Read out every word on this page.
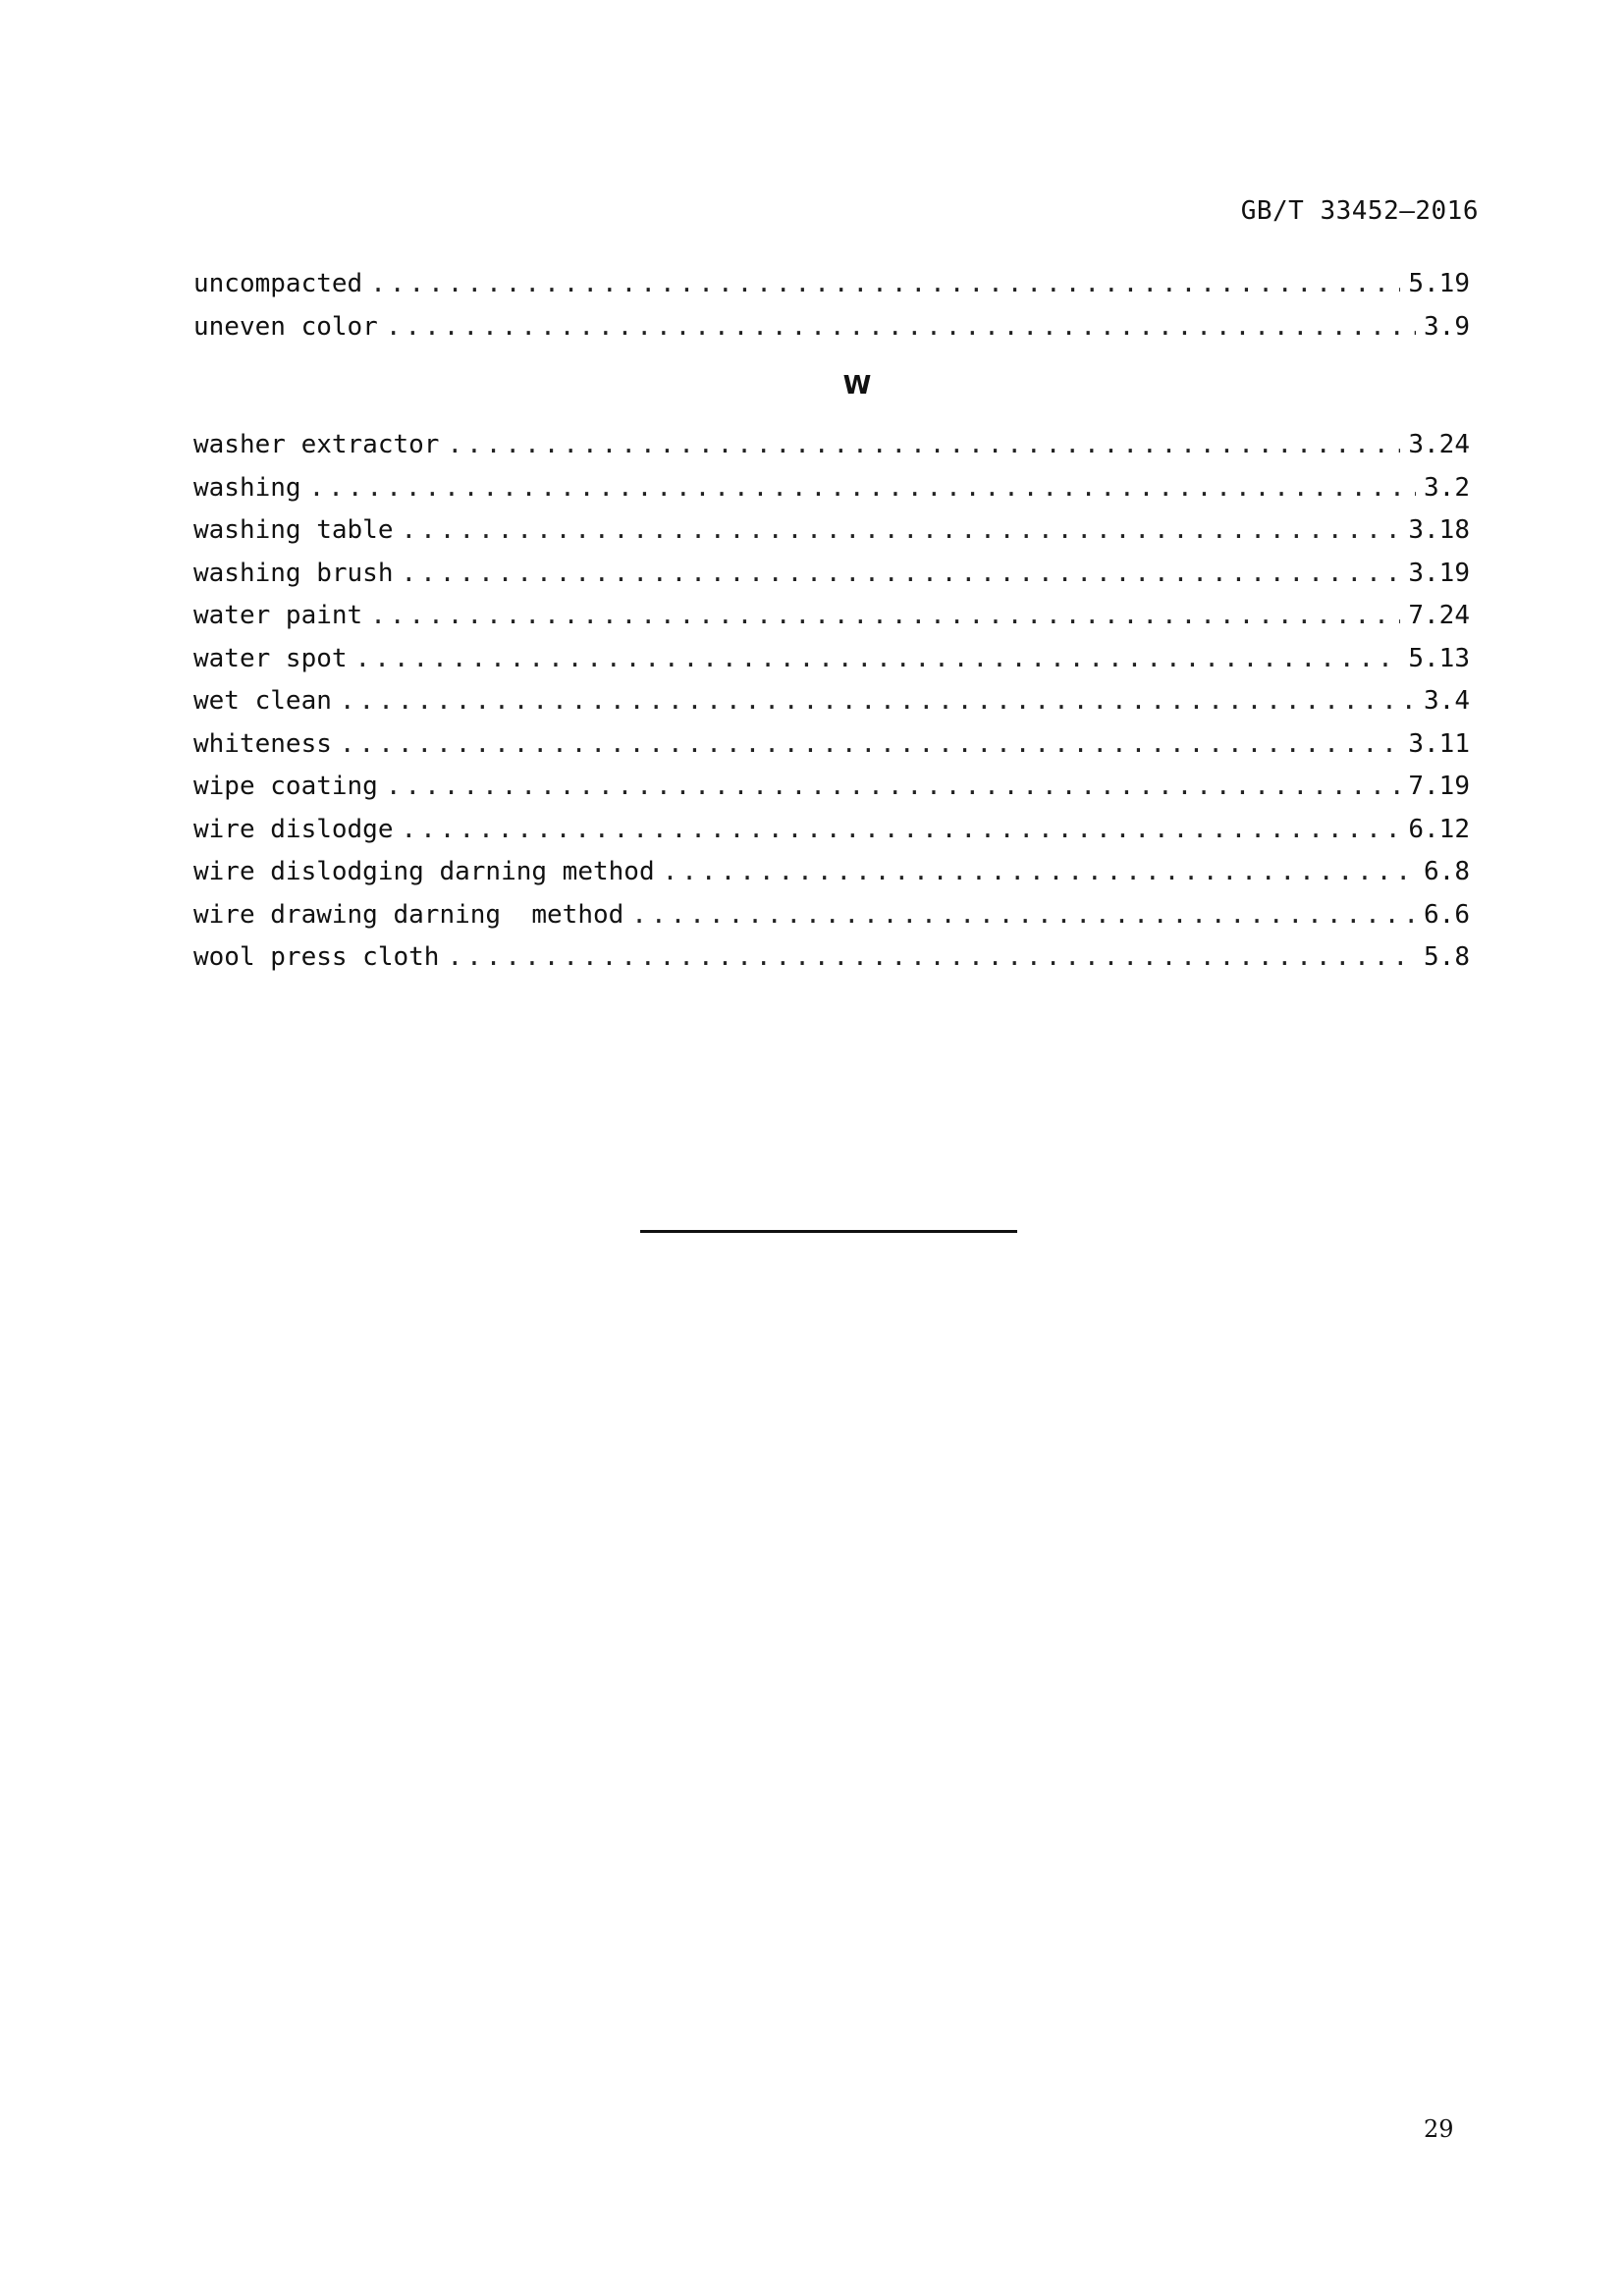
GB/T 33452—2016
uncompacted .....	5.19
uneven color .....	3.9
W
washer extractor .....	3.24
washing .....	3.2
washing table .....	3.18
washing brush .....	3.19
water paint .....	7.24
water spot .....	5.13
wet clean .....	3.4
whiteness .....	3.11
wipe coating .....	7.19
wire dislodge .....	6.12
wire dislodging darning method .....	6.8
wire drawing darning  method .....	6.6
wool press cloth .....	5.8
29
